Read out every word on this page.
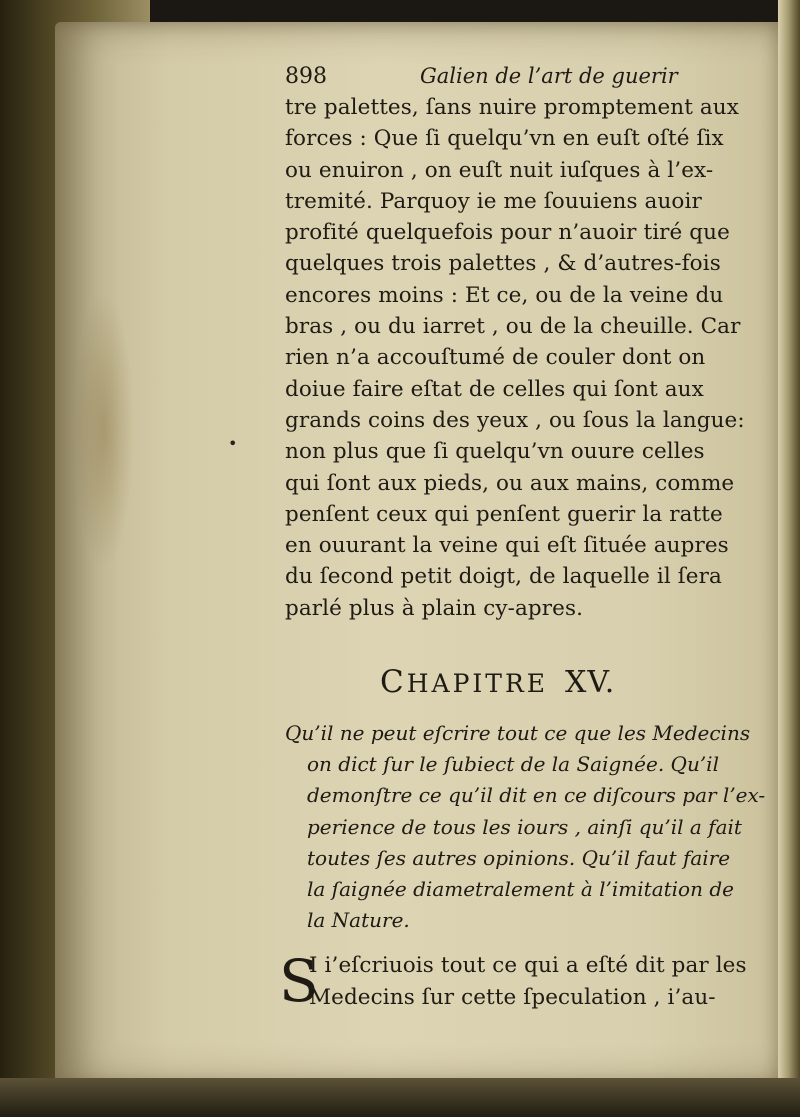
•
898	Galien de l’art de guerir
tre palettes, ſans nuire promptement aux
forces : Que ſi quelqu’vn en euſt oſté ſix
ou enuiron , on euſt nuit iuſques à l’ex-
tremité. Parquoy ie me ſouuiens auoir
profité quelquefois pour n’auoir tiré que
quelques trois palettes , & d’autres-fois
encores moins : Et ce, ou de la veine du
bras , ou du iarret , ou de la cheuille. Car
rien n’a accouſtumé de couler dont on
doiue faire eſtat de celles qui ſont aux
grands coins des yeux , ou ſous la langue:
non plus que ſi quelqu’vn ouure celles
qui ſont aux pieds, ou aux mains, comme
penſent ceux qui penſent guerir la ratte
en ouurant la veine qui eſt ſituée aupres
du ſecond petit doigt, de laquelle il ſera
parlé plus à plain cy-apres.
CHAPITRE XV.
Qu’il ne peut eſcrire tout ce que les Medecins
on dict ſur le ſubiect de la Saignée. Qu’il
demonſtre ce qu’il dit en ce diſcours par l’ex-
perience de tous les iours , ainſi qu’il a fait
toutes ſes autres opinions. Qu’il faut faire
la ſaignée diametralement à l’imitation de
la Nature.
S
I i’eſcriuois tout ce qui a eſté dit par les
Medecins ſur cette ſpeculation , i’au-
